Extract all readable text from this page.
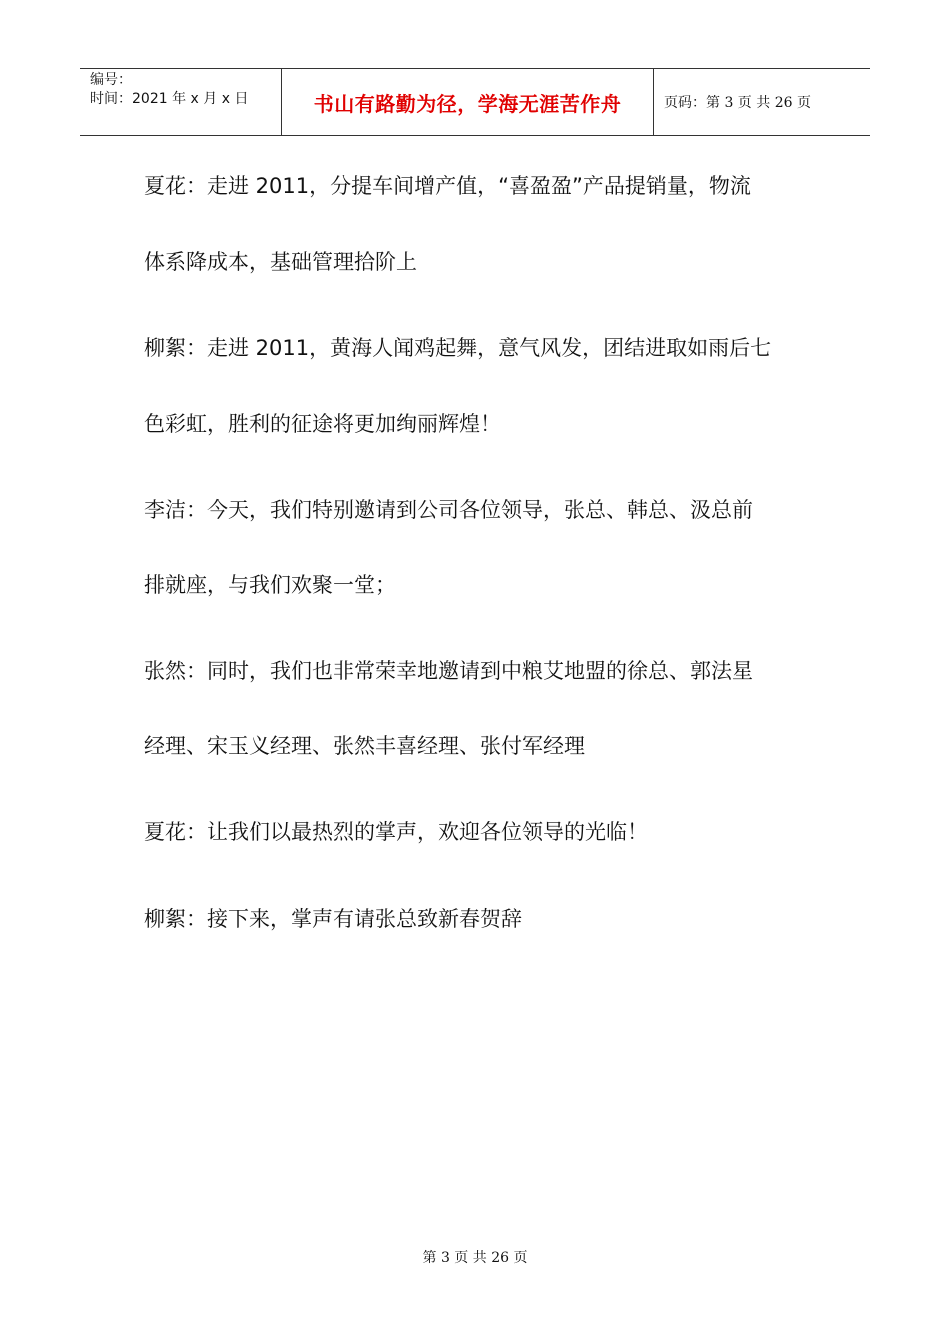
编号：
时间：2021 年 x 月 x 日	书山有路勤为径，学海无涯苦作舟	页码：第 3 页 共 26 页
夏花：走进 2011，分提车间增产值，“喜盈盈”产品提销量，物流
体系降成本，基础管理拾阶上
柳絮：走进 2011，黄海人闻鸡起舞，意气风发，团结进取如雨后七
色彩虹，胜利的征途将更加绚丽辉煌！
李洁：今天，我们特别邀请到公司各位领导，张总、韩总、汲总前
排就座，与我们欢聚一堂；
张然：同时，我们也非常荣幸地邀请到中粮艾地盟的徐总、郭法星
经理、宋玉义经理、张然丰喜经理、张付军经理
夏花：让我们以最热烈的掌声，欢迎各位领导的光临！
柳絮：接下来，掌声有请张总致新春贺辞
第 3 页 共 26 页
